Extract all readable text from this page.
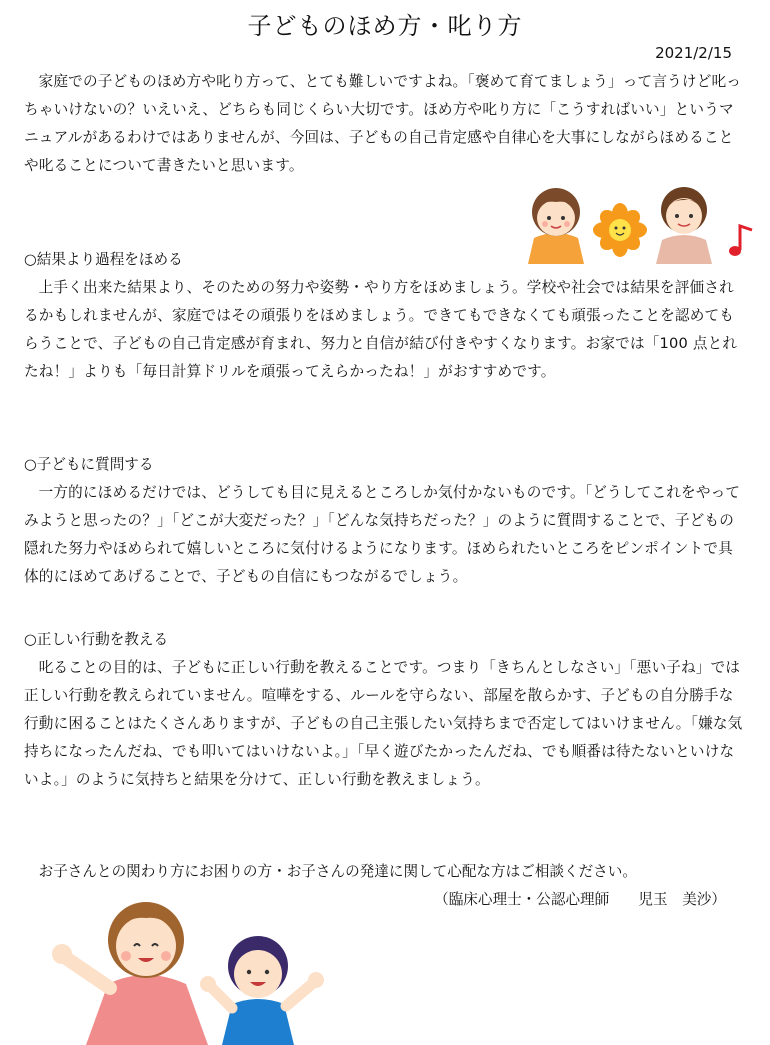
子どものほめ方・叱り方
2021/2/15

家庭での子どものほめ方や叱り方って、とても難しいですよね。「褒めて育てましょう」って言うけど叱っちゃいけないの？いえいえ、どちらも同じくらい大切です。ほめ方や叱り方に「こうすればいい」というマニュアルがあるわけではありませんが、今回は、子どもの自己肯定感や自律心を大事にしながらほめることや叱ることについて書きたいと思います。

○結果より過程をほめる

上手く出来た結果より、そのための努力や姿勢・やり方をほめましょう。学校や社会では結果を評価されるかもしれませんが、家庭ではその頑張りをほめましょう。できてもできなくても頑張ったことを認めてもらうことで、子どもの自己肯定感が育まれ、努力と自信が結び付きやすくなります。お家では「100 点とれたね！」よりも「毎日計算ドリルを頑張ってえらかったね！」がおすすめです。

○子どもに質問する

一方的にほめるだけでは、どうしても目に見えるところしか気付かないものです。「どうしてこれをやってみようと思ったの？」「どこが大変だった？」「どんな気持ちだった？」のように質問することで、子どもの隠れた努力やほめられて嬉しいところに気付けるようになります。ほめられたいところをピンポイントで具体的にほめてあげることで、子どもの自信にもつながるでしょう。

○正しい行動を教える

叱ることの目的は、子どもに正しい行動を教えることです。つまり「きちんとしなさい」「悪い子ね」では正しい行動を教えられていません。喧嘩をする、ルールを守らない、部屋を散らかす、子どもの自分勝手な行動に困ることはたくさんありますが、子どもの自己主張したい気持ちまで否定してはいけません。「嫌な気持ちになったんだね、でも叩いてはいけないよ。」「早く遊びたかったんだね、でも順番は待たないといけないよ。」のように気持ちと結果を分けて、正しい行動を教えましょう。

お子さんとの関わり方にお困りの方・お子さんの発達に関して心配な方はご相談ください。
（臨床心理士・公認心理師　　児玉　美沙）
